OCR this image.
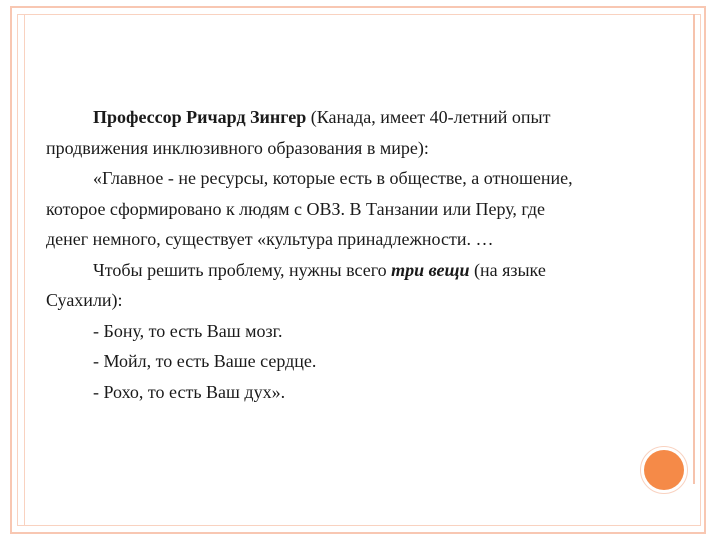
Профессор Ричард Зингер (Канада, имеет 40-летний опыт

продвижения инклюзивного образования в мире):

«Главное - не ресурсы, которые есть в обществе, а отношение,

которое сформировано к людям с ОВЗ. В Танзании или Перу, где

денег немного, существует «культура принадлежности. …

Чтобы решить проблему, нужны всего три вещи (на языке

Суахили):

- Бону, то есть Ваш мозг.

- Мойл, то есть Ваше сердце.

- Рохо, то есть Ваш дух».
